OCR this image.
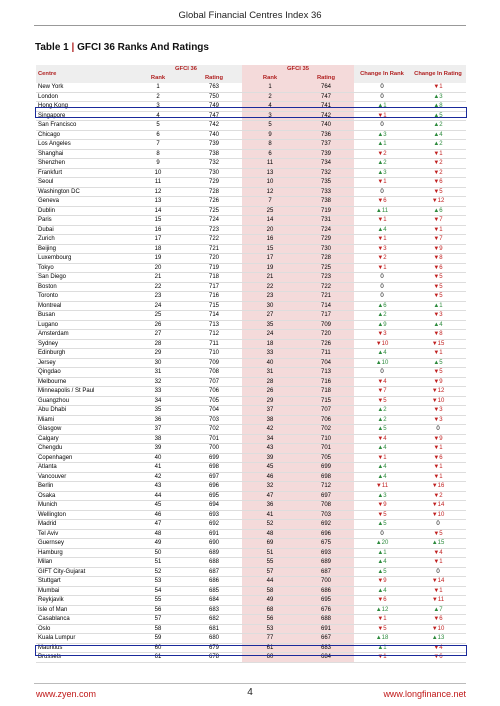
Global Financial Centres Index 36
Table 1 | GFCI 36 Ranks And Ratings
Centre	GFCI 36		GFCI 35		Change In Rank	Change In Rating
	Rank	Rating	Rank	Rating		
New York	1	763	1	764	0	▼1
London	2	750	2	747	0	▲3
Hong Kong	3	749	4	741	▲1	▲8
Singapore	4	747	3	742	▼1	▲5
San Francisco	5	742	5	740	0	▲2
Chicago	6	740	9	736	▲3	▲4
Los Angeles	7	739	8	737	▲1	▲2
Shanghai	8	738	6	739	▼2	▼1
Shenzhen	9	732	11	734	▲2	▼2
Frankfurt	10	730	13	732	▲3	▼2
Seoul	11	729	10	735	▼1	▼6
Washington DC	12	728	12	733	0	▼5
Geneva	13	726	7	738	▼6	▼12
Dublin	14	725	25	719	▲11	▲6
Paris	15	724	14	731	▼1	▼7
Dubai	16	723	20	724	▲4	▼1
Zurich	17	722	16	729	▼1	▼7
Beijing	18	721	15	730	▼3	▼9
Luxembourg	19	720	17	728	▼2	▼8
Tokyo	20	719	19	725	▼1	▼6
San Diego	21	718	21	723	0	▼5
Boston	22	717	22	722	0	▼5
Toronto	23	716	23	721	0	▼5
Montreal	24	715	30	714	▲6	▲1
Busan	25	714	27	717	▲2	▼3
Lugano	26	713	35	709	▲9	▲4
Amsterdam	27	712	24	720	▼3	▼8
Sydney	28	711	18	726	▼10	▼15
Edinburgh	29	710	33	711	▲4	▼1
Jersey	30	709	40	704	▲10	▲5
Qingdao	31	708	31	713	0	▼5
Melbourne	32	707	28	716	▼4	▼9
Minneapolis / St Paul	33	706	26	718	▼7	▼12
Guangzhou	34	705	29	715	▼5	▼10
Abu Dhabi	35	704	37	707	▲2	▼3
Miami	36	703	38	706	▲2	▼3
Glasgow	37	702	42	702	▲5	0
Calgary	38	701	34	710	▼4	▼9
Chengdu	39	700	43	701	▲4	▼1
Copenhagen	40	699	39	705	▼1	▼6
Atlanta	41	698	45	699	▲4	▼1
Vancouver	42	697	46	698	▲4	▼1
Berlin	43	696	32	712	▼11	▼16
Osaka	44	695	47	697	▲3	▼2
Munich	45	694	36	708	▼9	▼14
Wellington	46	693	41	703	▼5	▼10
Madrid	47	692	52	692	▲5	0
Tel Aviv	48	691	48	696	0	▼5
Guernsey	49	690	69	675	▲20	▲15
Hamburg	50	689	51	693	▲1	▼4
Milan	51	688	55	689	▲4	▼1
GIFT City-Gujarat	52	687	57	687	▲5	0
Stuttgart	53	686	44	700	▼9	▼14
Mumbai	54	685	58	686	▲4	▼1
Reykjavik	55	684	49	695	▼6	▼11
Isle of Man	56	683	68	676	▲12	▲7
Casablanca	57	682	56	688	▼1	▼6
Oslo	58	681	53	691	▼5	▼10
Kuala Lumpur	59	680	77	667	▲18	▲13
Mauritius	60	679	61	683	▲1	▼4
Brussels	61	678	60	684	▼1	▼6
www.zyen.com	4	www.longfinance.net
